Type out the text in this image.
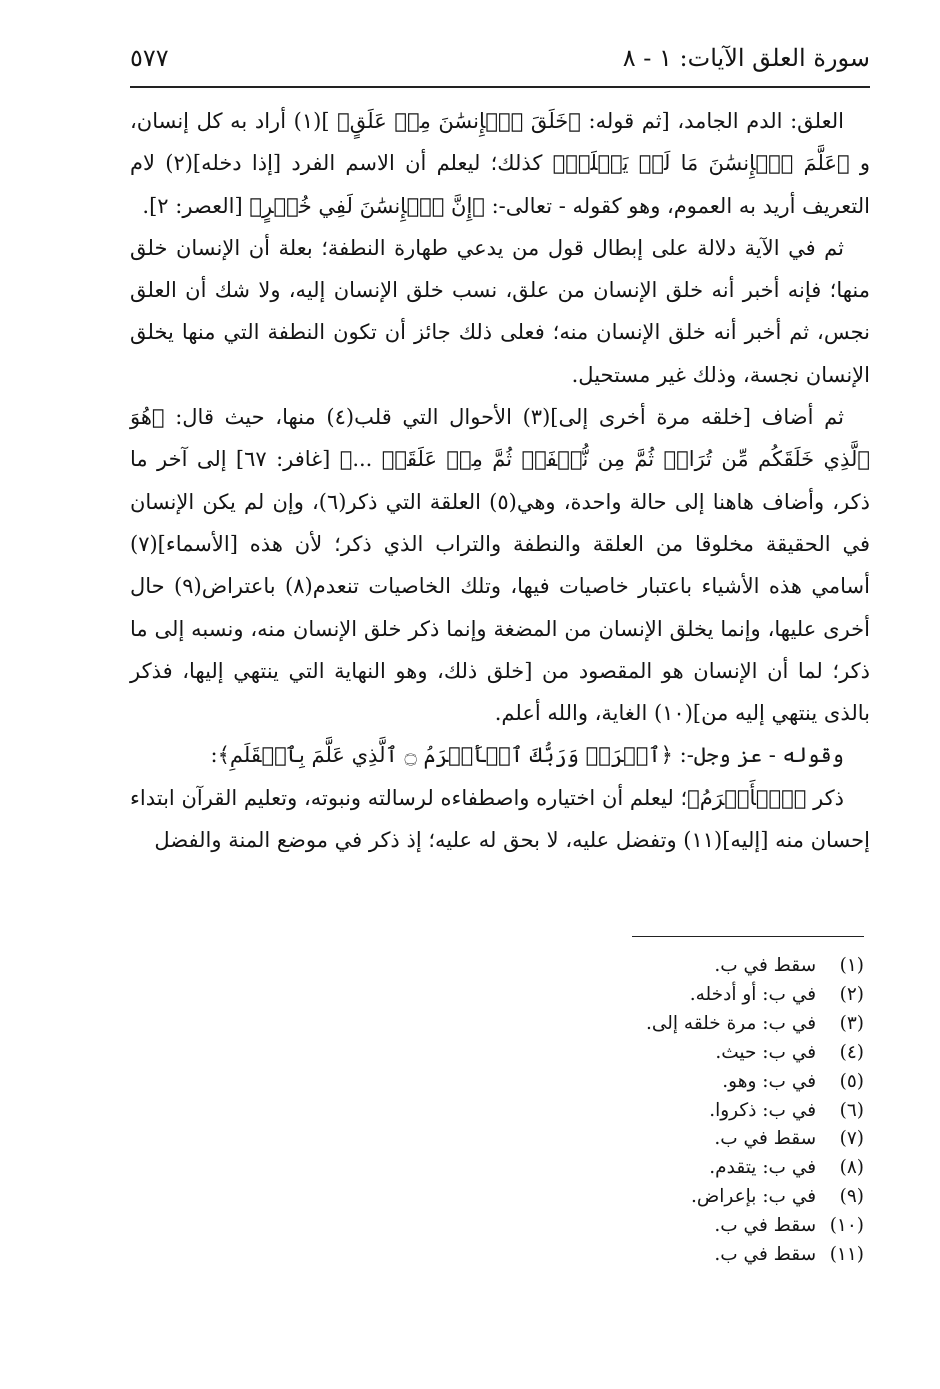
سورة العلق الآيات: ١ - ٨
٥٧٧

العلق: الدم الجامد، [ثم قوله: ﴿خَلَقَ ٱلۡإِنسَٰنَ مِنۡ عَلَقٍ﴾ ](١) أراد به كل إنسان، و ﴿عَلَّمَ ٱلۡإِنسَٰنَ مَا لَمۡ يَعۡلَمۡ﴾ كذلك؛ ليعلم أن الاسم الفرد [إذا دخله](٢) لام التعريف أريد به العموم، وهو كقوله - تعالى-: ﴿إِنَّ ٱلۡإِنسَٰنَ لَفِي خُسۡرٍ﴾ [العصر: ٢].

ثم في الآية دلالة على إبطال قول من يدعي طهارة النطفة؛ بعلة أن الإنسان خلق منها؛ فإنه أخبر أنه خلق الإنسان من علق، نسب خلق الإنسان إليه، ولا شك أن العلق نجس، ثم أخبر أنه خلق الإنسان منه؛ فعلى ذلك جائز أن تكون النطفة التي منها يخلق الإنسان نجسة، وذلك غير مستحيل.

ثم أضاف [خلقه مرة أخرى إلى](٣) الأحوال التي قلب(٤) منها، حيث قال: ﴿هُوَ ٱلَّذِي خَلَقَكُم مِّن تُرَابٖ ثُمَّ مِن نُّطۡفَةٖ ثُمَّ مِنۡ عَلَقَةٖ ...﴾ [غافر: ٦٧] إلى آخر ما ذكر، وأضاف هاهنا إلى حالة واحدة، وهي(٥) العلقة التي ذكر(٦)، وإن لم يكن الإنسان في الحقيقة مخلوقا من العلقة والنطفة والتراب الذي ذكر؛ لأن هذه [الأسماء](٧) أسامي هذه الأشياء باعتبار خاصيات فيها، وتلك الخاصيات تنعدم(٨) باعتراض(٩) حال أخرى عليها، وإنما يخلق الإنسان من المضغة وإنما ذكر خلق الإنسان منه، ونسبه إلى ما ذكر؛ لما أن الإنسان هو المقصود من [خلق ذلك، وهو النهاية التي ينتهي إليها، فذكر بالذى ينتهي إليه من](١٠) الغاية، والله أعلم.

وقوله - عز وجل-: ﴿ٱقۡرَأۡ وَرَبُّكَ ٱلۡأَكۡرَمُ ۝ ٱلَّذِي عَلَّمَ بِٱلۡقَلَمِ﴾:

ذكر ﴿ٱلۡأَكۡرَمُ﴾؛ ليعلم أن اختياره واصطفاءه لرسالته ونبوته، وتعليم القرآن ابتداء إحسان منه [إليه](١١) وتفضل عليه، لا بحق له عليه؛ إذ ذكر في موضع المنة والفضل

(١) سقط في ب.
(٢) في ب: أو أدخله.
(٣) في ب: مرة خلقه إلى.
(٤) في ب: حيث.
(٥) في ب: وهو.
(٦) في ب: ذكروا.
(٧) سقط في ب.
(٨) في ب: يتقدم.
(٩) في ب: بإعراض.
(١٠) سقط في ب.
(١١) سقط في ب.
